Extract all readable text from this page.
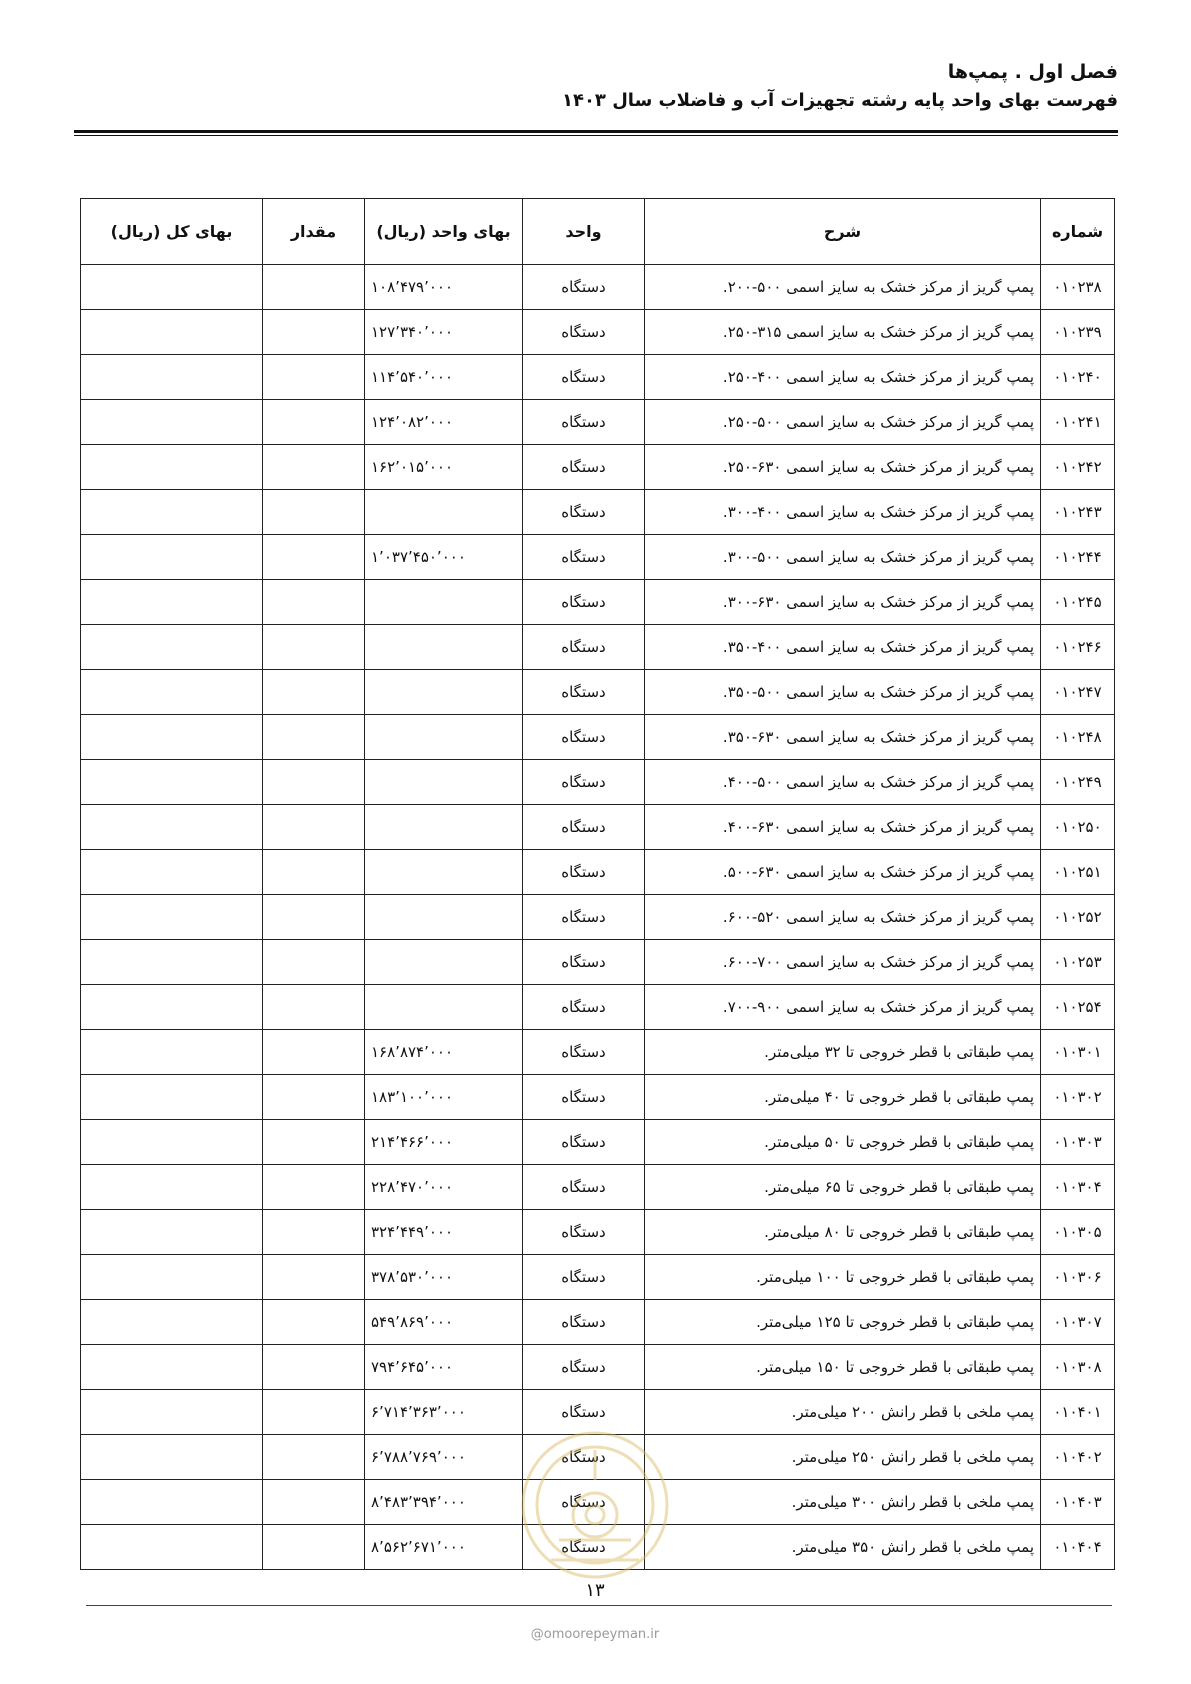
فصل اول . پمپ‌ها
فهرست بهای واحد پایه رشته تجهیزات آب و فاضلاب سال ۱۴۰۳
شماره	شرح	واحد	بهای واحد (ریال)	مقدار	بهای کل (ریال)
۰۱۰۲۳۸	پمپ گریز از مرکز خشک به سایز اسمی ۵۰۰-۲۰۰.	دستگاه	۱۰۸٬۴۷۹٬۰۰۰		
۰۱۰۲۳۹	پمپ گریز از مرکز خشک به سایز اسمی ۳۱۵-۲۵۰.	دستگاه	۱۲۷٬۳۴۰٬۰۰۰		
۰۱۰۲۴۰	پمپ گریز از مرکز خشک به سایز اسمی ۴۰۰-۲۵۰.	دستگاه	۱۱۴٬۵۴۰٬۰۰۰		
۰۱۰۲۴۱	پمپ گریز از مرکز خشک به سایز اسمی ۵۰۰-۲۵۰.	دستگاه	۱۲۴٬۰۸۲٬۰۰۰		
۰۱۰۲۴۲	پمپ گریز از مرکز خشک به سایز اسمی ۶۳۰-۲۵۰.	دستگاه	۱۶۲٬۰۱۵٬۰۰۰		
۰۱۰۲۴۳	پمپ گریز از مرکز خشک به سایز اسمی ۴۰۰-۳۰۰.	دستگاه			
۰۱۰۲۴۴	پمپ گریز از مرکز خشک به سایز اسمی ۵۰۰-۳۰۰.	دستگاه	۱٬۰۳۷٬۴۵۰٬۰۰۰		
۰۱۰۲۴۵	پمپ گریز از مرکز خشک به سایز اسمی ۶۳۰-۳۰۰.	دستگاه			
۰۱۰۲۴۶	پمپ گریز از مرکز خشک به سایز اسمی ۴۰۰-۳۵۰.	دستگاه			
۰۱۰۲۴۷	پمپ گریز از مرکز خشک به سایز اسمی ۵۰۰-۳۵۰.	دستگاه			
۰۱۰۲۴۸	پمپ گریز از مرکز خشک به سایز اسمی ۶۳۰-۳۵۰.	دستگاه			
۰۱۰۲۴۹	پمپ گریز از مرکز خشک به سایز اسمی ۵۰۰-۴۰۰.	دستگاه			
۰۱۰۲۵۰	پمپ گریز از مرکز خشک به سایز اسمی ۶۳۰-۴۰۰.	دستگاه			
۰۱۰۲۵۱	پمپ گریز از مرکز خشک به سایز اسمی ۶۳۰-۵۰۰.	دستگاه			
۰۱۰۲۵۲	پمپ گریز از مرکز خشک به سایز اسمی ۵۲۰-۶۰۰.	دستگاه			
۰۱۰۲۵۳	پمپ گریز از مرکز خشک به سایز اسمی ۷۰۰-۶۰۰.	دستگاه			
۰۱۰۲۵۴	پمپ گریز از مرکز خشک به سایز اسمی ۹۰۰-۷۰۰.	دستگاه			
۰۱۰۳۰۱	پمپ طبقاتی با قطر خروجی تا ۳۲ میلی‌متر.	دستگاه	۱۶۸٬۸۷۴٬۰۰۰		
۰۱۰۳۰۲	پمپ طبقاتی با قطر خروجی تا ۴۰ میلی‌متر.	دستگاه	۱۸۳٬۱۰۰٬۰۰۰		
۰۱۰۳۰۳	پمپ طبقاتی با قطر خروجی تا ۵۰ میلی‌متر.	دستگاه	۲۱۴٬۴۶۶٬۰۰۰		
۰۱۰۳۰۴	پمپ طبقاتی با قطر خروجی تا ۶۵ میلی‌متر.	دستگاه	۲۲۸٬۴۷۰٬۰۰۰		
۰۱۰۳۰۵	پمپ طبقاتی با قطر خروجی تا ۸۰ میلی‌متر.	دستگاه	۳۲۴٬۴۴۹٬۰۰۰		
۰۱۰۳۰۶	پمپ طبقاتی با قطر خروجی تا ۱۰۰ میلی‌متر.	دستگاه	۳۷۸٬۵۳۰٬۰۰۰		
۰۱۰۳۰۷	پمپ طبقاتی با قطر خروجی تا ۱۲۵ میلی‌متر.	دستگاه	۵۴۹٬۸۶۹٬۰۰۰		
۰۱۰۳۰۸	پمپ طبقاتی با قطر خروجی تا ۱۵۰ میلی‌متر.	دستگاه	۷۹۴٬۶۴۵٬۰۰۰		
۰۱۰۴۰۱	پمپ ملخی با قطر رانش ۲۰۰ میلی‌متر.	دستگاه	۶٬۷۱۴٬۳۶۳٬۰۰۰		
۰۱۰۴۰۲	پمپ ملخی با قطر رانش ۲۵۰ میلی‌متر.	دستگاه	۶٬۷۸۸٬۷۶۹٬۰۰۰		
۰۱۰۴۰۳	پمپ ملخی با قطر رانش ۳۰۰ میلی‌متر.	دستگاه	۸٬۴۸۳٬۳۹۴٬۰۰۰		
۰۱۰۴۰۴	پمپ ملخی با قطر رانش ۳۵۰ میلی‌متر.	دستگاه	۸٬۵۶۲٬۶۷۱٬۰۰۰		
۱۳
@omoorepeyman.ir
